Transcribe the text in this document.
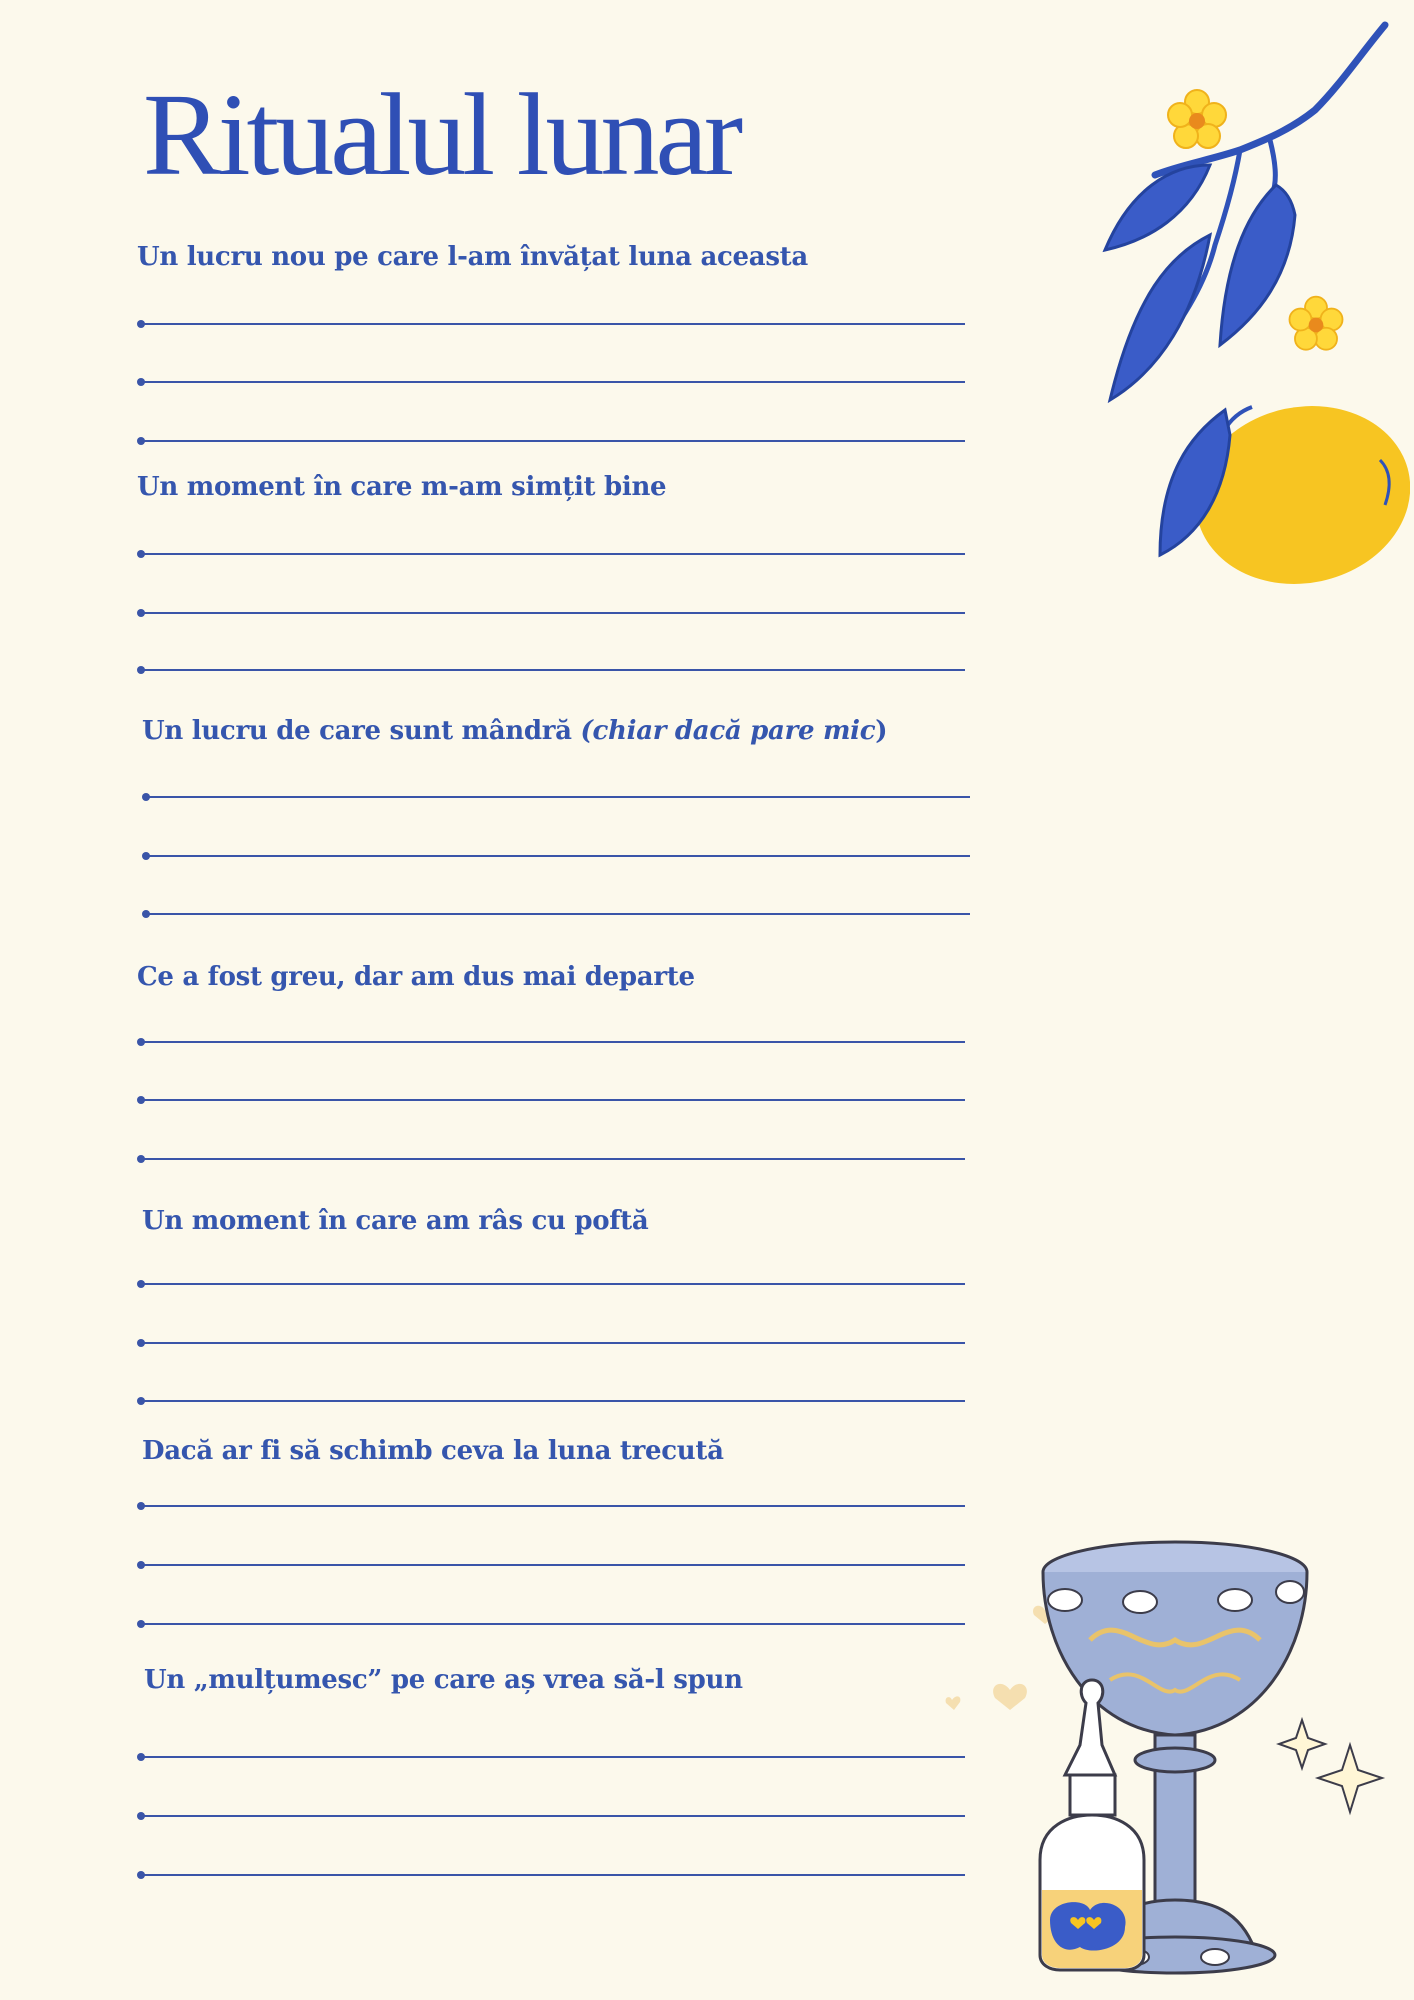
Ritualul lunar
Un lucru nou pe care l-am învățat luna aceasta
Un moment în care m-am simțit bine
Un lucru de care sunt mândră (chiar dacă pare mic)
Ce a fost greu, dar am dus mai departe
Un moment în care am râs cu poftă
Dacă ar fi să schimb ceva la luna trecută
Un „mulțumesc” pe care aș vrea să-l spun
